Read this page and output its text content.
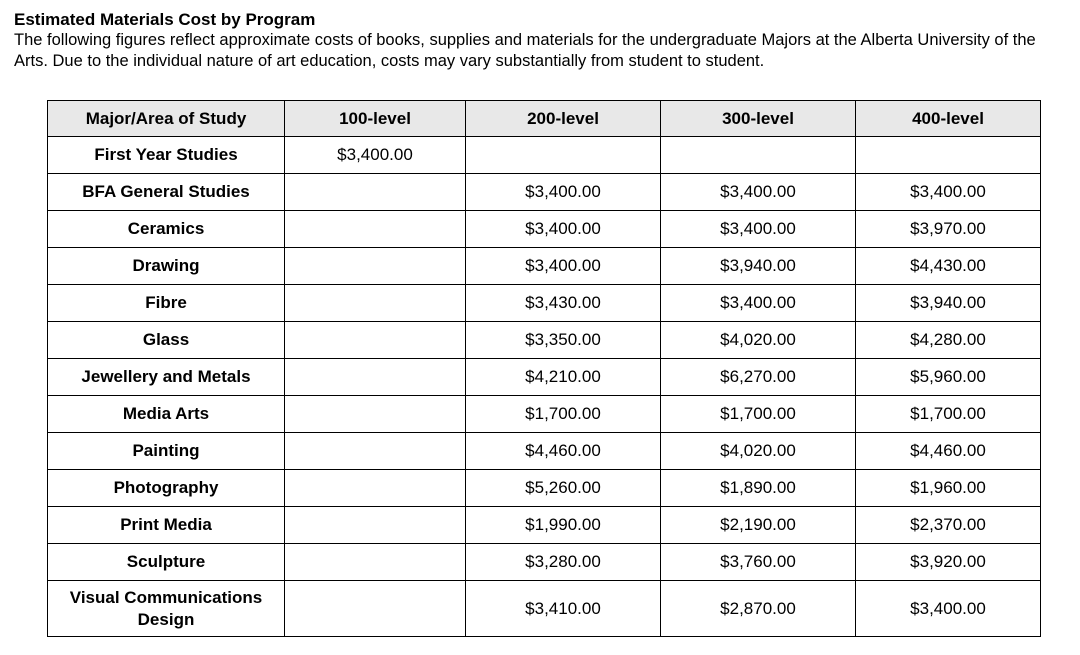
Estimated Materials Cost by Program

The following figures reflect approximate costs of books, supplies and materials for the undergraduate Majors at the Alberta University of the Arts. Due to the individual nature of art education, costs may vary substantially from student to student.

Major/Area of Study	100-level	200-level	300-level	400-level
First Year Studies	$3,400.00			
BFA General Studies		$3,400.00	$3,400.00	$3,400.00
Ceramics		$3,400.00	$3,400.00	$3,970.00
Drawing		$3,400.00	$3,940.00	$4,430.00
Fibre		$3,430.00	$3,400.00	$3,940.00
Glass		$3,350.00	$4,020.00	$4,280.00
Jewellery and Metals		$4,210.00	$6,270.00	$5,960.00
Media Arts		$1,700.00	$1,700.00	$1,700.00
Painting		$4,460.00	$4,020.00	$4,460.00
Photography		$5,260.00	$1,890.00	$1,960.00
Print Media		$1,990.00	$2,190.00	$2,370.00
Sculpture		$3,280.00	$3,760.00	$3,920.00
Visual Communications Design		$3,410.00	$2,870.00	$3,400.00
